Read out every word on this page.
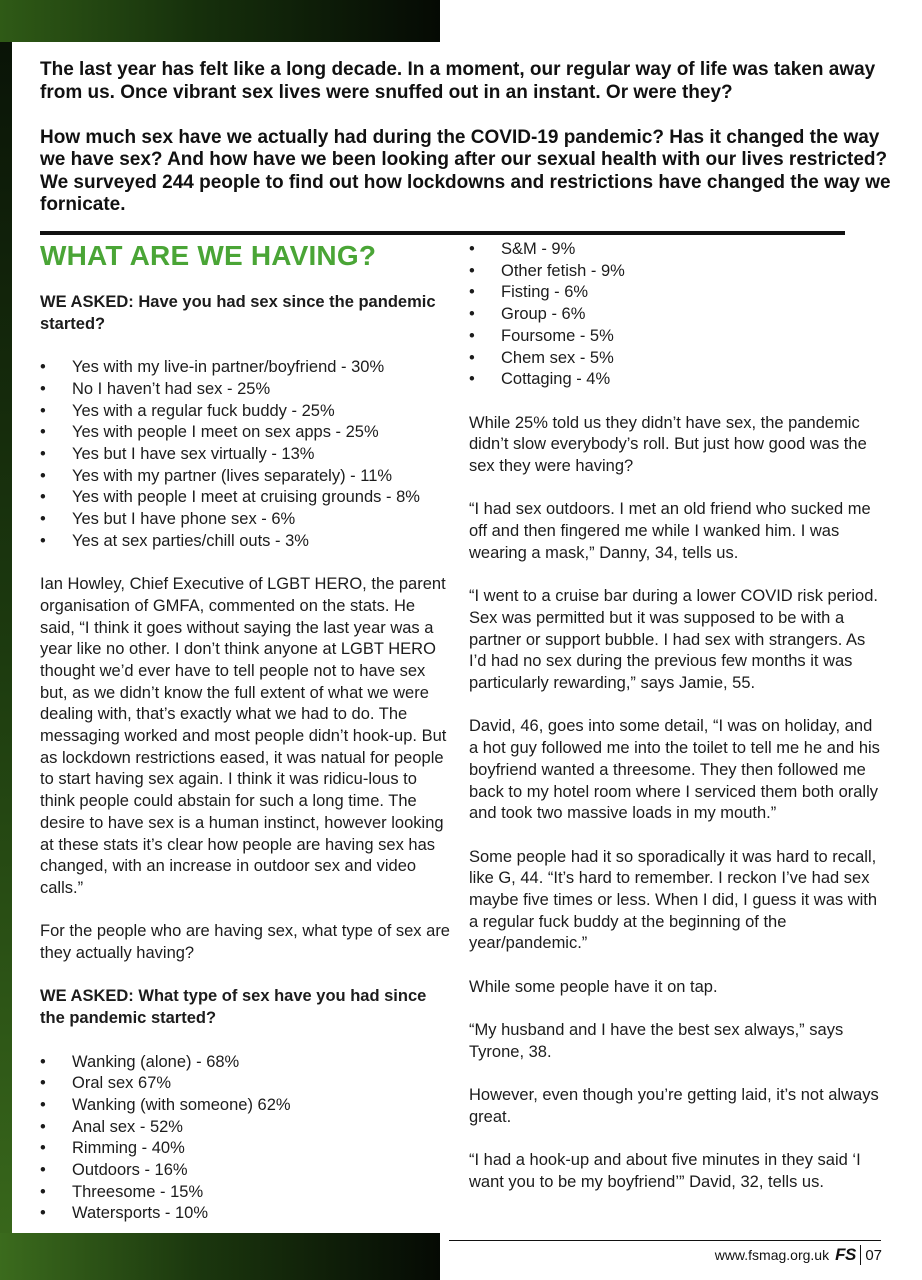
The last year has felt like a long decade. In a moment, our regular way of life was taken away from us. Once vibrant sex lives were snuffed out in an instant. Or were they?

How much sex have we actually had during the COVID-19 pandemic? Has it changed the way we have sex? And how have we been looking after our sexual health with our lives restricted? We surveyed 244 people to find out how lockdowns and restrictions have changed the way we fornicate.

WHAT ARE WE HAVING?
WE ASKED: Have you had sex since the pandemic started?
• Yes with my live-in partner/boyfriend - 30%
• No I haven’t had sex - 25%
• Yes with a regular fuck buddy - 25%
• Yes with people I meet on sex apps - 25%
• Yes but I have sex virtually - 13%
• Yes with my partner (lives separately) - 11%
• Yes with people I meet at cruising grounds - 8%
• Yes but I have phone sex - 6%
• Yes at sex parties/chill outs - 3%
Ian Howley, Chief Executive of LGBT HERO, the parent organisation of GMFA, commented on the stats. He said, “I think it goes without saying the last year was a year like no other. I don’t think anyone at LGBT HERO thought we’d ever have to tell people not to have sex but, as we didn’t know the full extent of what we were dealing with, that’s exactly what we had to do. The messaging worked and most people didn’t hook-up. But as lockdown restrictions eased, it was natual for people to start having sex again. I think it was ridicu-lous to think people could abstain for such a long time. The desire to have sex is a human instinct, however looking at these stats it’s clear how people are having sex has changed, with an increase in outdoor sex and video calls.”
For the people who are having sex, what type of sex are they actually having?
WE ASKED: What type of sex have you had since the pandemic started?
• Wanking (alone) - 68%
• Oral sex 67%
• Wanking (with someone) 62%
• Anal sex - 52%
• Rimming - 40%
• Outdoors - 16%
• Threesome - 15%
• Watersports - 10%
• S&M - 9%
• Other fetish - 9%
• Fisting - 6%
• Group - 6%
• Foursome - 5%
• Chem sex - 5%
• Cottaging - 4%
While 25% told us they didn’t have sex, the pandemic didn’t slow everybody’s roll. But just how good was the sex they were having?
“I had sex outdoors. I met an old friend who sucked me off and then fingered me while I wanked him. I was wearing a mask,” Danny, 34, tells us.
“I went to a cruise bar during a lower COVID risk period. Sex was permitted but it was supposed to be with a partner or support bubble. I had sex with strangers. As I’d had no sex during the previous few months it was particularly rewarding,” says Jamie, 55.
David, 46, goes into some detail, “I was on holiday, and a hot guy followed me into the toilet to tell me he and his boyfriend wanted a threesome. They then followed me back to my hotel room where I serviced them both orally and took two massive loads in my mouth.”
Some people had it so sporadically it was hard to recall, like G, 44. “It’s hard to remember. I reckon I’ve had sex maybe five times or less. When I did, I guess it was with a regular fuck buddy at the beginning of the year/pandemic.”
While some people have it on tap.
“My husband and I have the best sex always,” says Tyrone, 38.
However, even though you’re getting laid, it’s not always great.
“I had a hook-up and about five minutes in they said ‘I want you to be my boyfriend’” David, 32, tells us.
www.fsmag.org.uk FS 07
